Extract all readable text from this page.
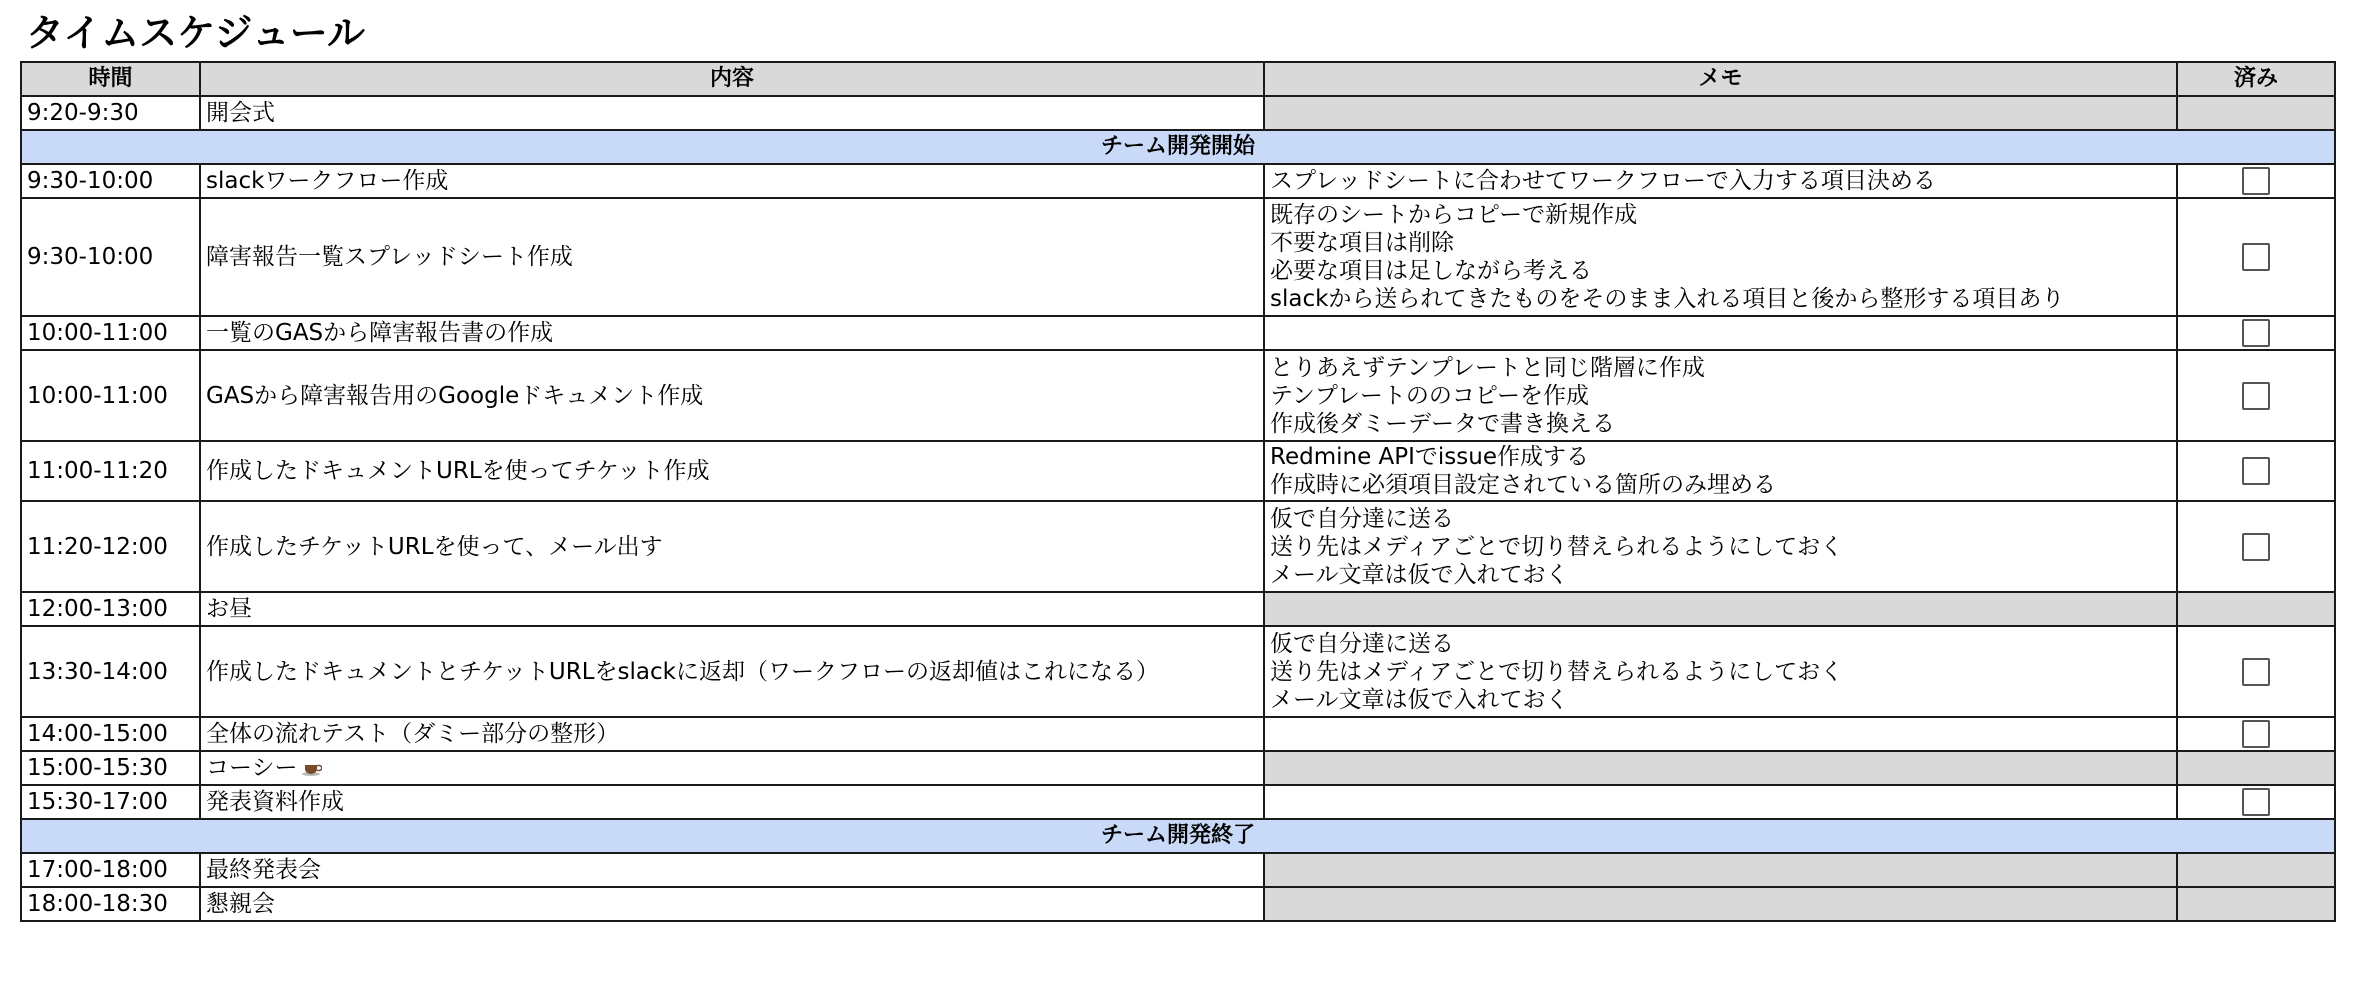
タイムスケジュール
時間	内容	メモ	済み
9:20-9:30	開会式		
チーム開発開始			
9:30-10:00	slackワークフロー作成	スプレッドシートに合わせてワークフローで入力する項目決める	

9:30-10:00	障害報告一覧スプレッドシート作成	既存のシートからコピーで新規作成
不要な項目は削除
必要な項目は足しながら考える
slackから送られてきたものをそのまま入れる項目と後から整形する項目あり	

10:00-11:00	一覧のGASから障害報告書の作成		
10:00-11:00	GASから障害報告用のGoogleドキュメント作成	とりあえずテンプレートと同じ階層に作成
テンプレートののコピーを作成
作成後ダミーデータで書き換える	

11:00-11:20	作成したドキュメントURLを使ってチケット作成	Redmine APIでissue作成する
作成時に必須項目設定されている箇所のみ埋める	

11:20-12:00	作成したチケットURLを使って、メール出す	仮で自分達に送る
送り先はメディアごとで切り替えられるようにしておく
メール文章は仮で入れておく	

12:00-13:00	お昼		
13:30-14:00	作成したドキュメントとチケットURLをslackに返却（ワークフローの返却値はこれになる）	仮で自分達に送る
送り先はメディアごとで切り替えられるようにしておく
メール文章は仮で入れておく	

14:00-15:00	全体の流れテスト（ダミー部分の整形）		
15:00-15:30	コーシー		
15:30-17:00	発表資料作成		
チーム開発終了			
17:00-18:00	最終発表会		
18:00-18:30	懇親会		
